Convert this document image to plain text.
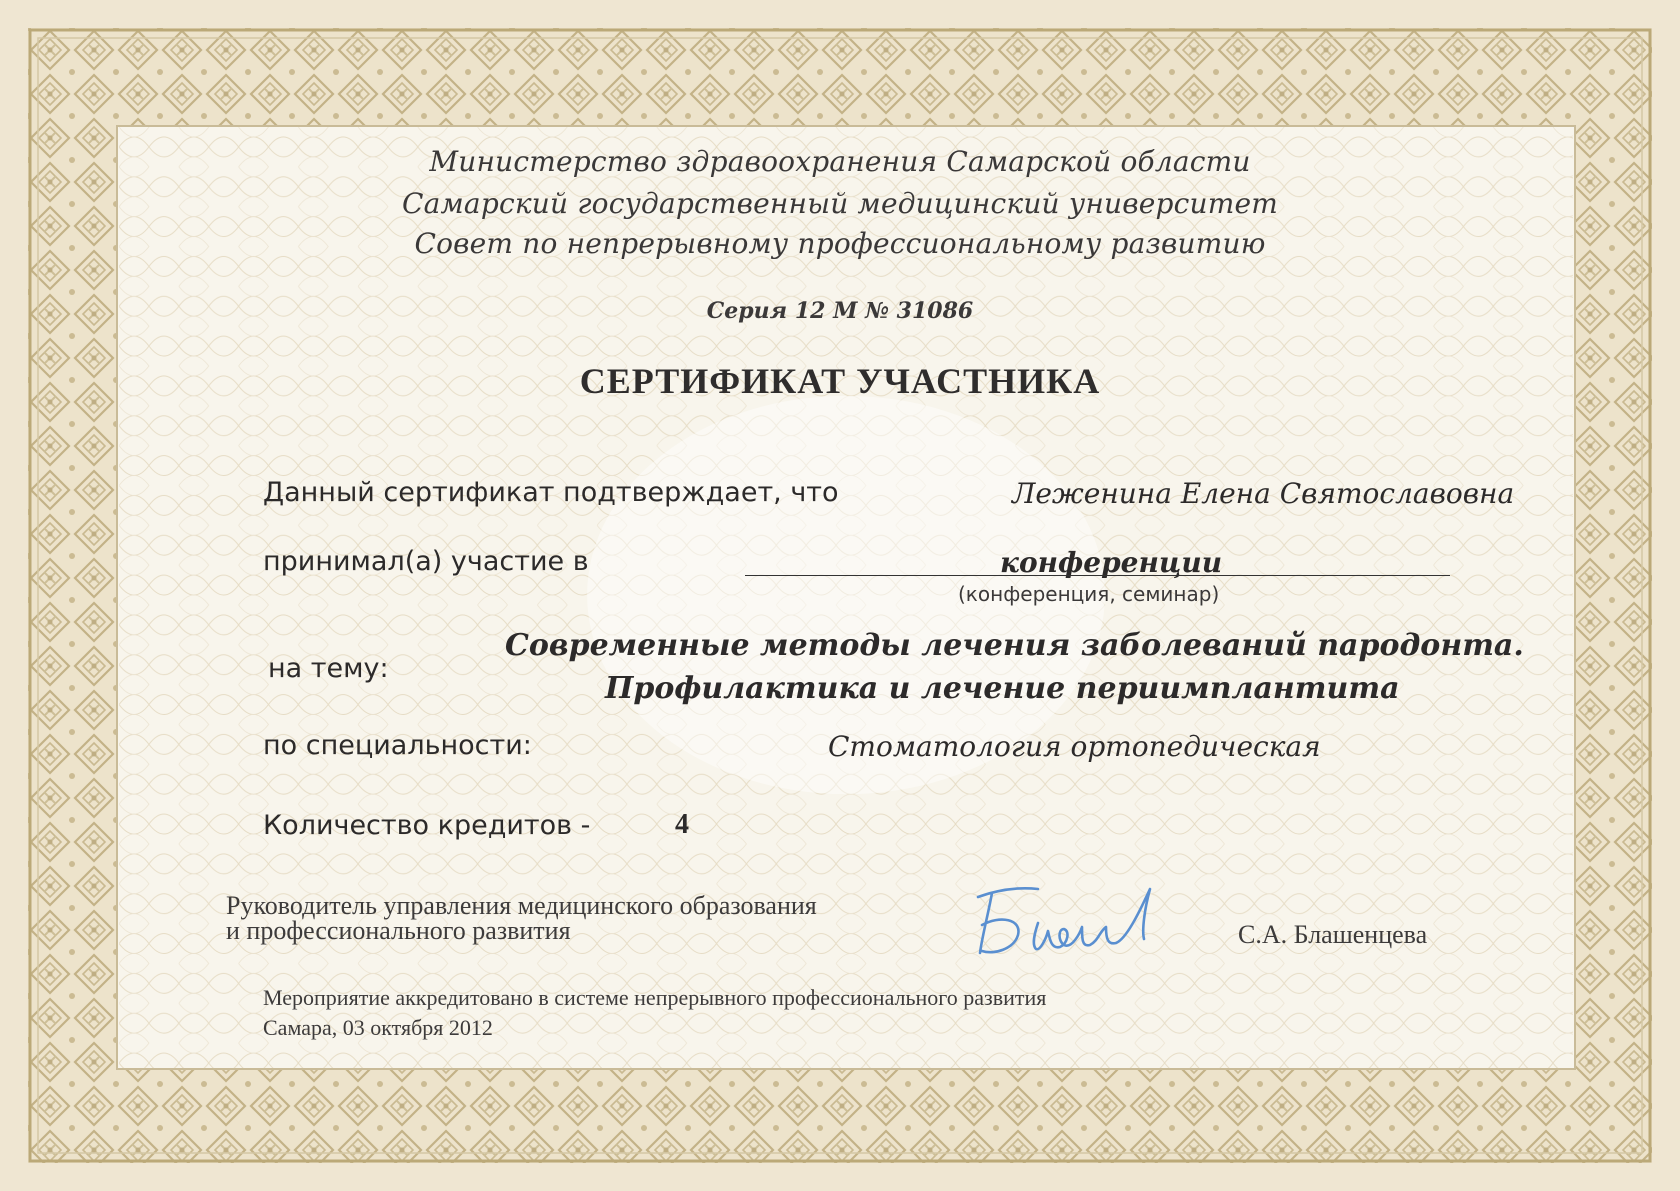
Министерство здравоохранения Самарской области
Самарский государственный медицинский университет
Совет по непрерывному профессиональному развитию
Серия 12 М № 31086
СЕРТИФИКАТ УЧАСТНИКА
Данный сертификат подтверждает, что	Леженина Елена Святославовна
принимал(а) участие в	конференции
(конференция, семинар)
на тему:
Современные методы лечения заболеваний пародонта.
Профилактика и лечение периимплантита
по специальности:	Стоматология ортопедическая
Количество кредитов -	4
Руководитель управления медицинского образования
и профессионального развития	С.А. Блашенцева
Мероприятие аккредитовано в системе непрерывного профессионального развития
Самара, 03 октября 2012
